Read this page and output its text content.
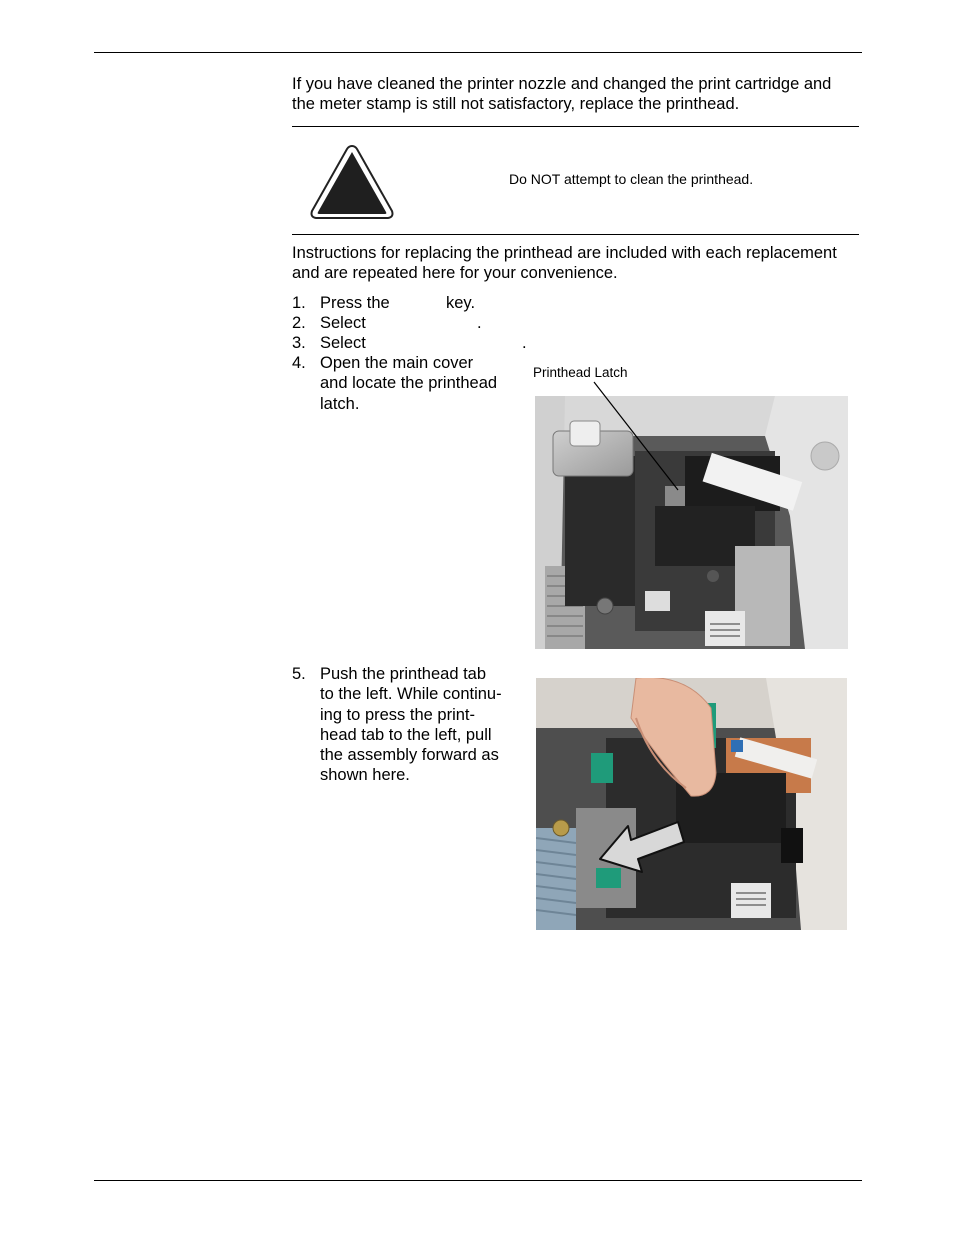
If you have cleaned the printer nozzle and changed the print cartridge and
the meter stamp is still not satisfactory, replace the printhead.
Do NOT attempt to clean the printhead.
Instructions for replacing the printhead are included with each replacement
and are repeated here for your convenience.
1. Press the	key.
2. Select	.
3. Select	.
4. Open the main cover
and locate the printhead
latch.
Printhead Latch
5. Push the printhead tab
to the left. While continu-
ing to press the print-
head tab to the left, pull
the assembly forward as
shown here.
